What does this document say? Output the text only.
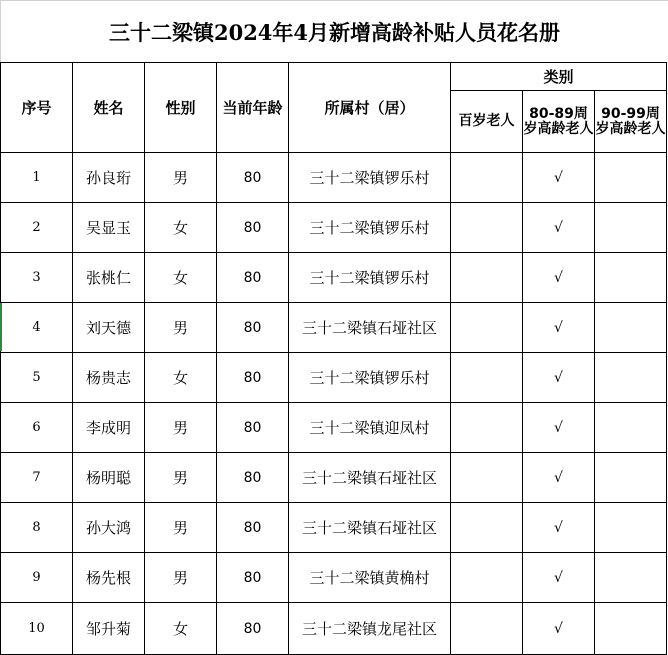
三十二梁镇2024年4月新增高龄补贴人员花名册
序号	姓名	性别	当前年龄	所属村（居）	类别		
					百岁老人	80-89周岁高龄老人	90-99周岁高龄老人
1	孙良珩	男	80	三十二梁镇锣乐村		√	
2	吴显玉	女	80	三十二梁镇锣乐村		√	
3	张桃仁	女	80	三十二梁镇锣乐村		√	
4	刘天德	男	80	三十二梁镇石垭社区		√	
5	杨贵志	女	80	三十二梁镇锣乐村		√	
6	李成明	男	80	三十二梁镇迎凤村		√	
7	杨明聪	男	80	三十二梁镇石垭社区		√	
8	孙大鸿	男	80	三十二梁镇石垭社区		√	
9	杨先根	男	80	三十二梁镇黄桷村		√	
10	邹升菊	女	80	三十二梁镇龙尾社区		√	
